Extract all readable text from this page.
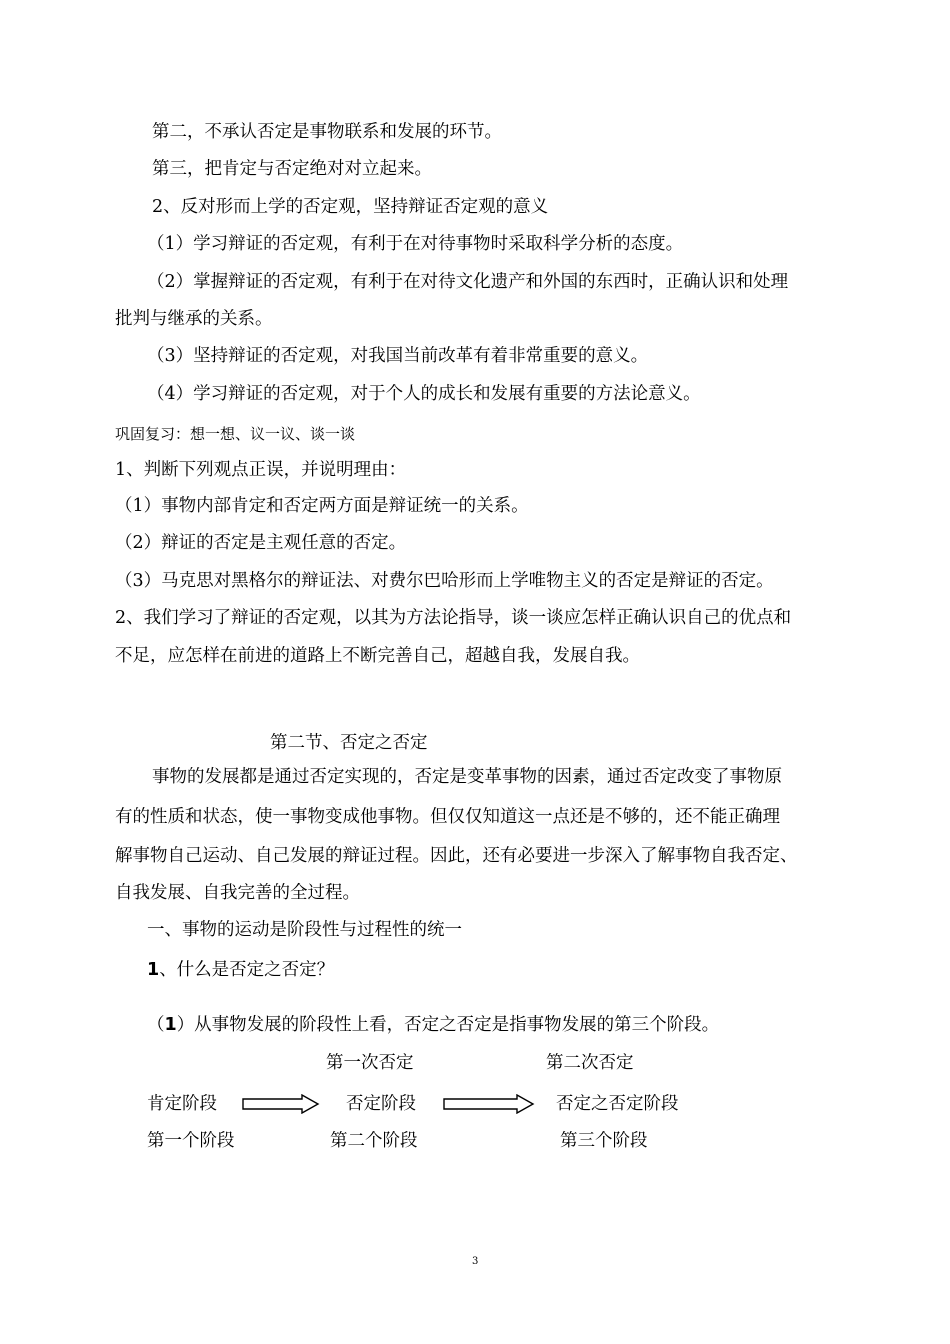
第二，不承认否定是事物联系和发展的环节。
第三，把肯定与否定绝对对立起来。
2、反对形而上学的否定观，坚持辩证否定观的意义
（1）学习辩证的否定观，有利于在对待事物时采取科学分析的态度。
（2）掌握辩证的否定观，有利于在对待文化遗产和外国的东西时，正确认识和处理
批判与继承的关系。
（3）坚持辩证的否定观，对我国当前改革有着非常重要的意义。
（4）学习辩证的否定观，对于个人的成长和发展有重要的方法论意义。
巩固复习：想一想、议一议、谈一谈
1、判断下列观点正误，并说明理由：
（1）事物内部肯定和否定两方面是辩证统一的关系。
（2）辩证的否定是主观任意的否定。
（3）马克思对黑格尔的辩证法、对费尔巴哈形而上学唯物主义的否定是辩证的否定。
2、我们学习了辩证的否定观，以其为方法论指导，谈一谈应怎样正确认识自己的优点和
不足，应怎样在前进的道路上不断完善自己，超越自我，发展自我。
第二节、否定之否定
事物的发展都是通过否定实现的，否定是变革事物的因素，通过否定改变了事物原
有的性质和状态，使一事物变成他事物。但仅仅知道这一点还是不够的，还不能正确理
解事物自己运动、自己发展的辩证过程。因此，还有必要进一步深入了解事物自我否定、
自我发展、自我完善的全过程。
一、事物的运动是阶段性与过程性的统一
1、什么是否定之否定？
（1）从事物发展的阶段性上看，否定之否定是指事物发展的第三个阶段。
第一次否定	第二次否定
肯定阶段	否定阶段	否定之否定阶段
第一个阶段	第二个阶段	第三个阶段
3
